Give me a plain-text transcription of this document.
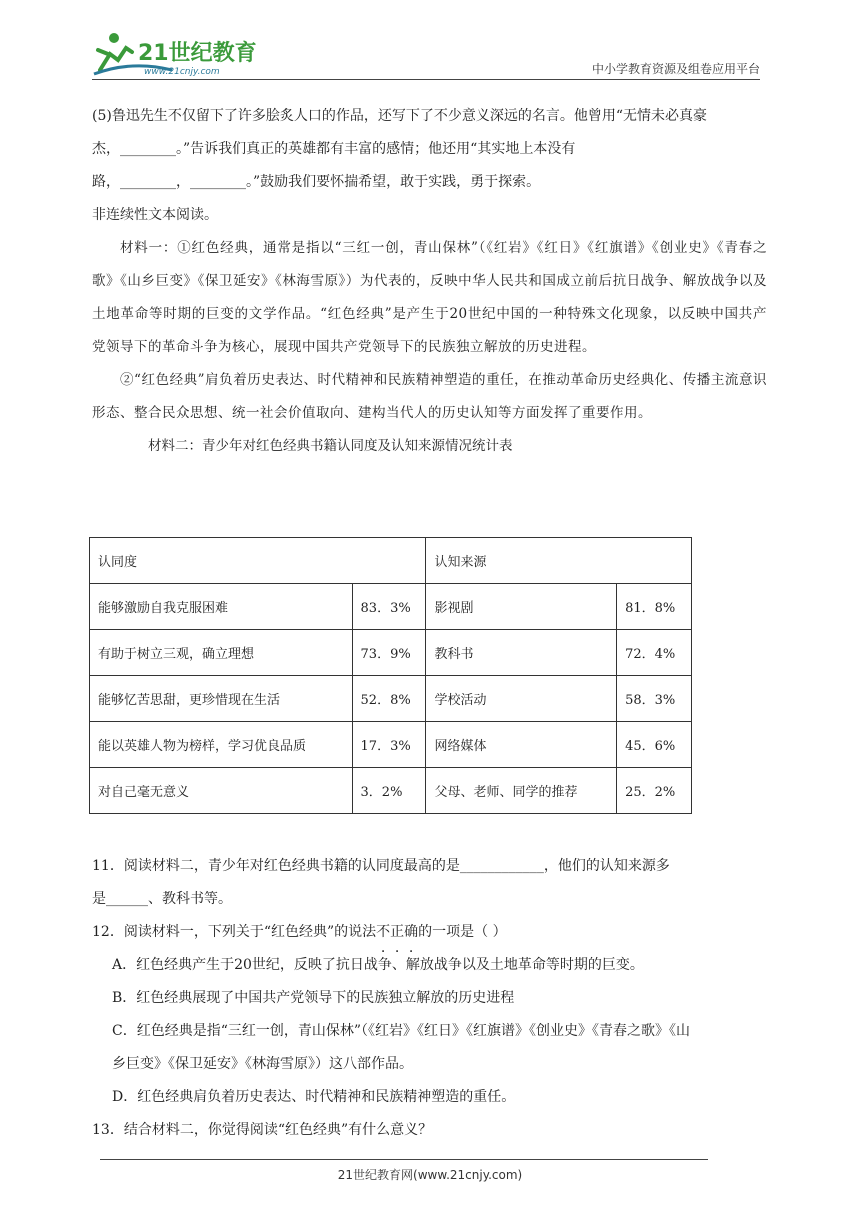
21世纪教育
www.21cnjy.com	中小学教育资源及组卷应用平台

(5)鲁迅先生不仅留下了许多脍炙人口的作品，还写下了不少意义深远的名言。他曾用“无情未必真豪

杰，________。”告诉我们真正的英雄都有丰富的感情；他还用“其实地上本没有

路，________，________。”鼓励我们要怀揣希望，敢于实践，勇于探索。

非连续性文本阅读。

材料一：①红色经典，通常是指以“三红一创，青山保林”（《红岩》《红日》《红旗谱》《创业史》《青春之歌》《山乡巨变》《保卫延安》《林海雪原》）为代表的，反映中华人民共和国成立前后抗日战争、解放战争以及土地革命等时期的巨变的文学作品。“红色经典”是产生于20世纪中国的一种特殊文化现象，以反映中国共产党领导下的革命斗争为核心，展现中国共产党领导下的民族独立解放的历史进程。

②“红色经典”肩负着历史表达、时代精神和民族精神塑造的重任，在推动革命历史经典化、传播主流意识形态、整合民众思想、统一社会价值取向、建构当代人的历史认知等方面发挥了重要作用。

材料二：青少年对红色经典书籍认同度及认知来源情况统计表

认同度		认知来源	
能够激励自我克服困难	83．3%	影视剧	81．8%
有助于树立三观，确立理想	73．9%	教科书	72．4%
能够忆苦思甜，更珍惜现在生活	52．8%	学校活动	58．3%
能以英雄人物为榜样，学习优良品质	17．3%	网络媒体	45．6%
对自己毫无意义	3．2%	父母、老师、同学的推荐	25．2%

11．阅读材料二，青少年对红色经典书籍的认同度最高的是____________，他们的认知来源多

是______、教科书等。

12．阅读材料一，下列关于“红色经典”的说法不正确的一项是（ ）

A．红色经典产生于20世纪，反映了抗日战争、解放战争以及土地革命等时期的巨变。

B．红色经典展现了中国共产党领导下的民族独立解放的历史进程

C．红色经典是指“三红一创，青山保林”（《红岩》《红日》《红旗谱》《创业史》《青春之歌》《山

乡巨变》《保卫延安》《林海雪原》）这八部作品。

D．红色经典肩负着历史表达、时代精神和民族精神塑造的重任。

13．结合材料二，你觉得阅读“红色经典”有什么意义？

21世纪教育网(www.21cnjy.com)
